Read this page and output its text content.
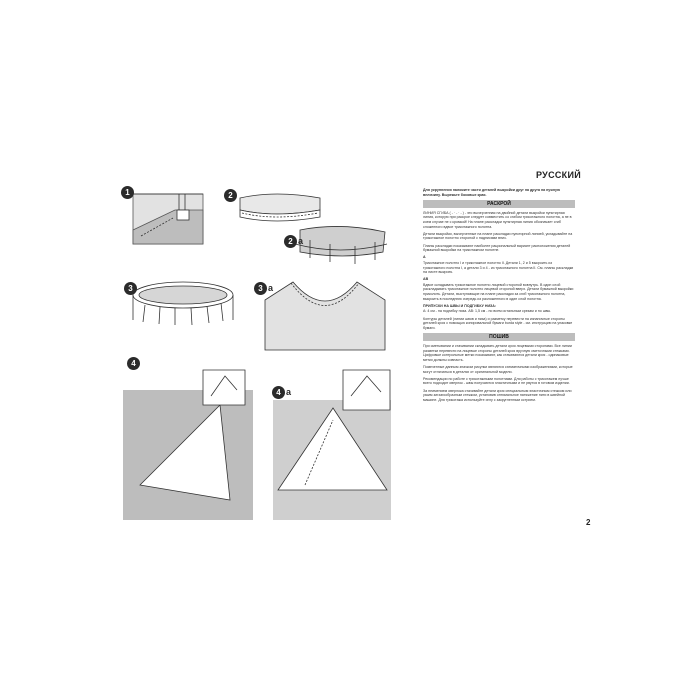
1	2
2 a
3	3 a
4
4 a
РУССКИЙ

Для укрупнения наложите части деталей выкройки друг на друга на нужную величину. Вырежьте боковые края.

РАСКРОЙ

ЛИНИЯ СГИБА ( - · - · - ) - это вычерченная на двойной детали выкройки пунктирная линия, которую при раскрое следует совместить со сгибом трикотажного полотна, а не в коем случае не с кромкой! На плане раскладки пунктирная линия обозначает сгиб сложенного вдвое трикотажного полотна.

Детали выкройки, вычерченные на плане раскладки пунктирной линией, укладывайте на трикотажное полотно стороной с надписями вниз.

Планы раскладки показывают наиболее рациональный вариант расположения деталей бумажной выкройки на трикотажном полотне.

A

Трикотажное полотно I и трикотажное полотно II. Детали 1, 2 и 5 выкроить из трикотажного полотна I, а детали 3 и 4 - из трикотажного полотна II. См. планы раскладки на листе выкроек.

AB

Вдвое складывать трикотажное полотно лицевой стороной вовнутрь. В один слой раскладывать трикотажное полотно лицевой стороной вверх. Детали бумажной выкройки приколоть. Детали, выступающие на плане раскладки за сгиб трикотажного полотна, выкроить в последнюю очередь из разложенного в один слой полотна.

ПРИПУСКИ НА ШВЫ И ПОДГИБКУ НИЗА:

A: 4 см - на подгибку низа. AB: 1,5 см - по всем остальным срезам и по швы.

Контуры деталей (линии швов и низа) и разметку перевести на изнаночные стороны деталей кроя с помощью копировальной бумаги burda style - см. инструкцию на упаковке бумаги.

ПОШИВ

При сметывании и стачивании складывать детали кроя лицевыми сторонами. Все линии разметки перевести на лицевые стороны деталей кроя вручную сметочными стежками. Цифровые контрольные метки показывают, как стачиваются детали кроя - одинаковые метки должны совпасть.

Помеченные данным значком рисунки являются схематичными изображениями, которые могут отличаться в деталях от оригинальной модели.

Рекомендации по работе с трикотажными полотнами. Для работы с трикотажем лучше всего подходит оверлок - швы получаются эластичными и не рвутся в готовом изделии.

За неимением оверлока стачивайте детали кроя специальным эластичным стежком или узким зигзагообразным стежком, установив оптимальное натяжение нити в швейной машине. Для трикотажа используйте иглу с закругленным острием.

2
